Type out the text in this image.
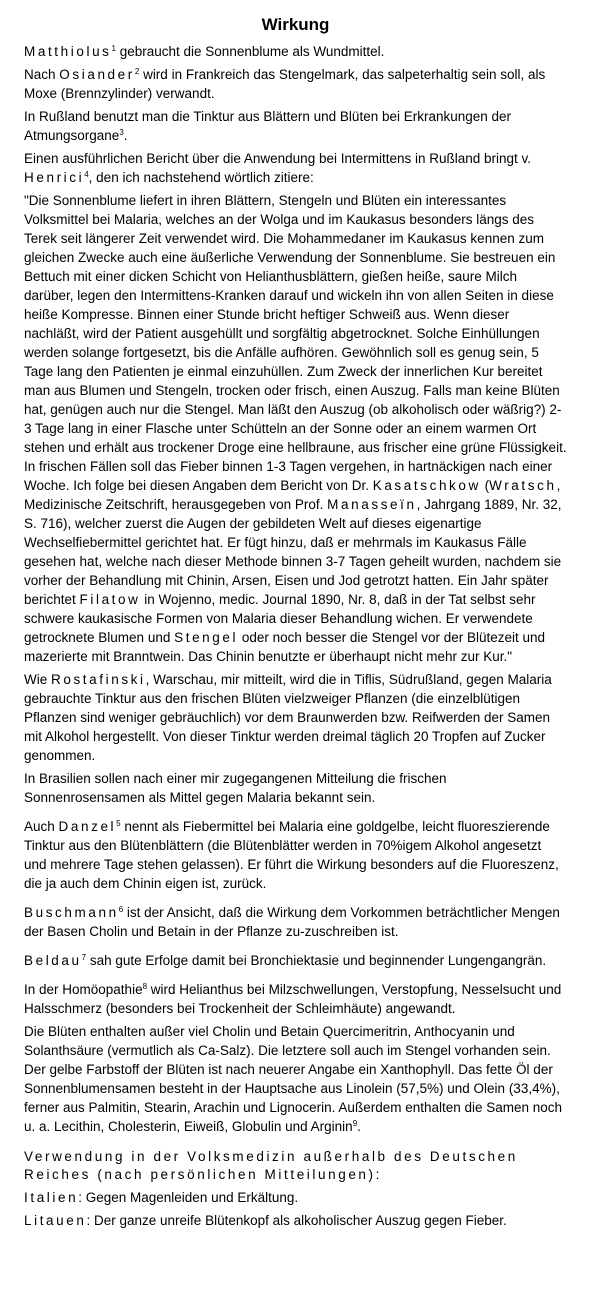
Wirkung

Matthiolus$^1$ gebraucht die Sonnenblume als Wundmittel.

Nach Osiander$^2$ wird in Frankreich das Stengelmark, das salpeterhaltig sein soll, als Moxe (Brennzylinder) verwandt.

In Rußland benutzt man die Tinktur aus Blättern und Blüten bei Erkrankungen der Atmungsorgane$^3$.

Einen ausführlichen Bericht über die Anwendung bei Intermittens in Rußland bringt v. Henrici$^4$, den ich nachstehend wörtlich zitiere:

"Die Sonnenblume liefert in ihren Blättern, Stengeln und Blüten ein interessantes Volksmittel bei Malaria, welches an der Wolga und im Kaukasus besonders längs des Terek seit längerer Zeit verwendet wird. Die Mohammedaner im Kaukasus kennen zum gleichen Zwecke auch eine äußerliche Verwendung der Sonnenblume. Sie bestreuen ein Bettuch mit einer dicken Schicht von Helianthusblättern, gießen heiße, saure Milch darüber, legen den Intermittens-Kranken darauf und wickeln ihn von allen Seiten in diese heiße Kompresse. Binnen einer Stunde bricht heftiger Schweiß aus. Wenn dieser nachläßt, wird der Patient ausgehüllt und sorgfältig abgetrocknet. Solche Einhüllungen werden solange fortgesetzt, bis die Anfälle aufhören. Gewöhnlich soll es genug sein, 5 Tage lang den Patienten je einmal einzuhüllen. Zum Zweck der innerlichen Kur bereitet man aus Blumen und Stengeln, trocken oder frisch, einen Auszug. Falls man keine Blüten hat, genügen auch nur die Stengel. Man läßt den Auszug (ob alkoholisch oder wäßrig?) 2-3 Tage lang in einer Flasche unter Schütteln an der Sonne oder an einem warmen Ort stehen und erhält aus trockener Droge eine hellbraune, aus frischer eine grüne Flüssigkeit. In frischen Fällen soll das Fieber binnen 1-3 Tagen vergehen, in hartnäckigen nach einer Woche. Ich folge bei diesen Angaben dem Bericht von Dr. Kasatschkow (Wratsch, Medizinische Zeitschrift, herausgegeben von Prof. Manasseïn, Jahrgang 1889, Nr. 32, S. 716), welcher zuerst die Augen der gebildeten Welt auf dieses eigenartige Wechselfiebermittel gerichtet hat. Er fügt hinzu, daß er mehrmals im Kaukasus Fälle gesehen hat, welche nach dieser Methode binnen 3-7 Tagen geheilt wurden, nachdem sie vorher der Behandlung mit Chinin, Arsen, Eisen und Jod getrotzt hatten. Ein Jahr später berichtet Filatow in Wojenno, medic. Journal 1890, Nr. 8, daß in der Tat selbst sehr schwere kaukasische Formen von Malaria dieser Behandlung wichen. Er verwendete getrocknete Blumen und Stengel oder noch besser die Stengel vor der Blütezeit und mazerierte mit Branntwein. Das Chinin benutzte er überhaupt nicht mehr zur Kur."

Wie Rostafinski, Warschau, mir mitteilt, wird die in Tiflis, Südrußland, gegen Malaria gebrauchte Tinktur aus den frischen Blüten vielzweiger Pflanzen (die einzelblütigen Pflanzen sind weniger gebräuchlich) vor dem Braunwerden bzw. Reifwerden der Samen mit Alkohol hergestellt. Von dieser Tinktur werden dreimal täglich 20 Tropfen auf Zucker genommen.

In Brasilien sollen nach einer mir zugegangenen Mitteilung die frischen Sonnenrosensamen als Mittel gegen Malaria bekannt sein.

Auch Danzel$^5$ nennt als Fiebermittel bei Malaria eine goldgelbe, leicht fluoreszierende Tinktur aus den Blütenblättern (die Blütenblätter werden in 70%igem Alkohol angesetzt und mehrere Tage stehen gelassen). Er führt die Wirkung besonders auf die Fluoreszenz, die ja auch dem Chinin eigen ist, zurück.

Buschmann$^6$ ist der Ansicht, daß die Wirkung dem Vorkommen beträchtlicher Mengen der Basen Cholin und Betain in der Pflanze zu-zuschreiben ist.

Beldau$^7$ sah gute Erfolge damit bei Bronchiektasie und beginnender Lungengangrän.

In der Homöopathie$^8$ wird Helianthus bei Milzschwellungen, Verstopfung, Nesselsucht und Halsschmerz (besonders bei Trockenheit der Schleimhäute) angewandt.

Die Blüten enthalten außer viel Cholin und Betain Quercimeritrin, Anthocyanin und Solanthsäure (vermutlich als Ca-Salz). Die letztere soll auch im Stengel vorhanden sein. Der gelbe Farbstoff der Blüten ist nach neuerer Angabe ein Xanthophyll. Das fette Öl der Sonnenblumensamen besteht in der Hauptsache aus Linolein (57,5%) und Olein (33,4%), ferner aus Palmitin, Stearin, Arachin und Lignocerin. Außerdem enthalten die Samen noch u. a. Lecithin, Cholesterin, Eiweiß, Globulin und Arginin$^9$.

Verwendung in der Volksmedizin außerhalb des Deutschen Reiches (nach persönlichen Mitteilungen):

Italien: Gegen Magenleiden und Erkältung.

Litauen: Der ganze unreife Blütenkopf als alkoholischer Auszug gegen Fieber.
